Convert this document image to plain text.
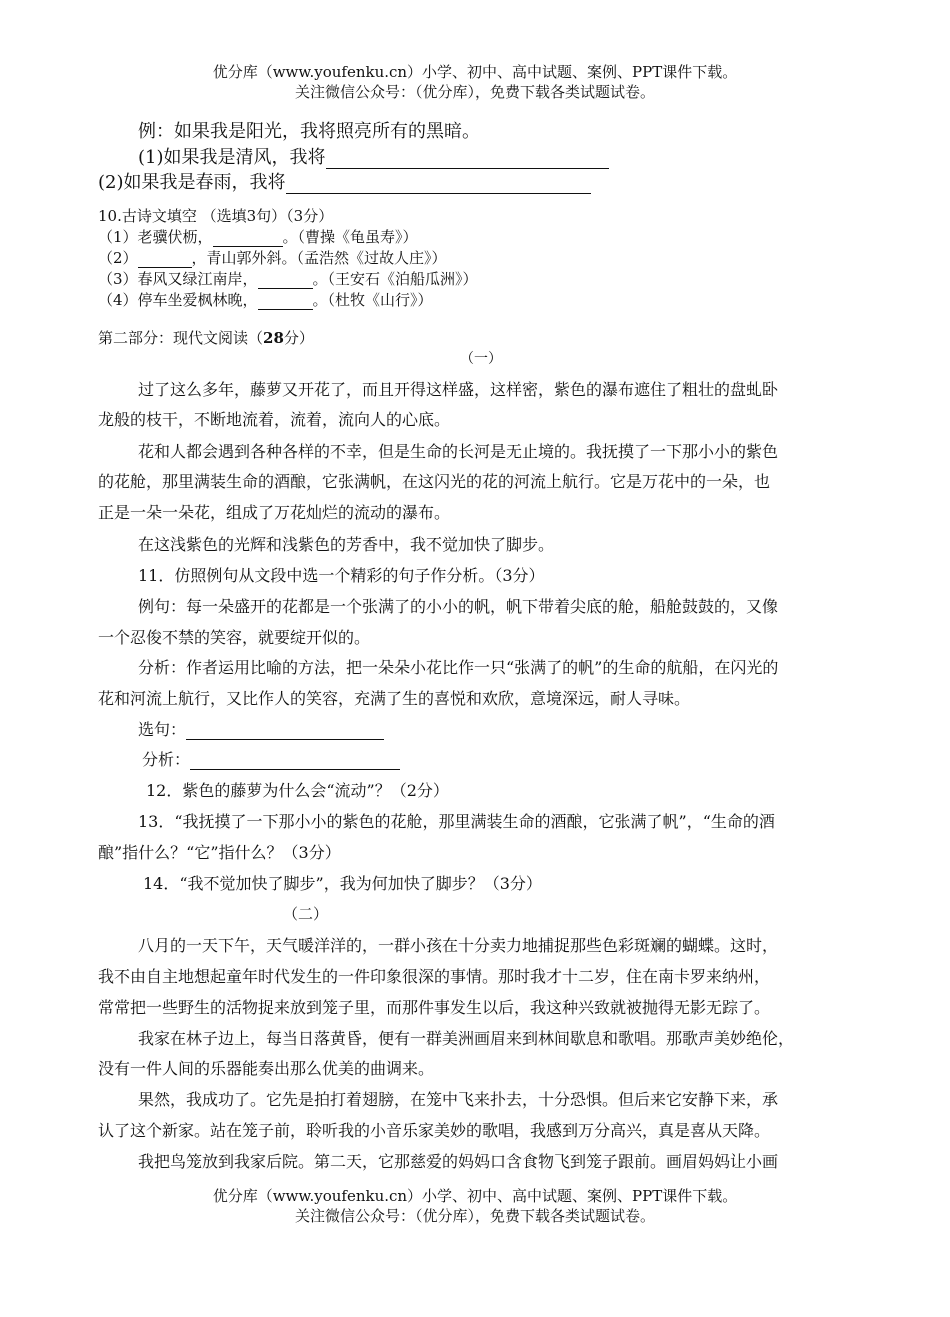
优分库（www.youfenku.cn）小学、初中、高中试题、案例、PPT课件下载。
关注微信公众号：（优分库），免费下载各类试题试卷。
例：如果我是阳光，我将照亮所有的黑暗。
(1)如果我是清风，我将
(2)如果我是春雨，我将
10.古诗文填空 （选填3句）（3分）
（1）老骥伏枥，	。（曹操《龟虽寿》）
（2）	，青山郭外斜。（孟浩然《过故人庄》）
（3）春风又绿江南岸，	。（王安石《泊船瓜洲》）
（4）停车坐爱枫林晚，	。（杜牧《山行》）
第二部分：现代文阅读（28分）
（一）
过了这么多年，藤萝又开花了，而且开得这样盛，这样密，紫色的瀑布遮住了粗壮的盘虬卧
龙般的枝干，不断地流着，流着，流向人的心底。
花和人都会遇到各种各样的不幸，但是生命的长河是无止境的。我抚摸了一下那小小的紫色
的花舱，那里满装生命的酒酿，它张满帆，在这闪光的花的河流上航行。它是万花中的一朵，也
正是一朵一朵花，组成了万花灿烂的流动的瀑布。
在这浅紫色的光辉和浅紫色的芳香中，我不觉加快了脚步。
11．仿照例句从文段中选一个精彩的句子作分析。（3分）
例句：每一朵盛开的花都是一个张满了的小小的帆，帆下带着尖底的舱，船舱鼓鼓的，又像
一个忍俊不禁的笑容，就要绽开似的。
分析：作者运用比喻的方法，把一朵朵小花比作一只“张满了的帆”的生命的航船，在闪光的
花和河流上航行，又比作人的笑容，充满了生的喜悦和欢欣，意境深远，耐人寻味。
选句：
分析：
12．紫色的藤萝为什么会“流动”？（2分）
13．“我抚摸了一下那小小的紫色的花舱，那里满装生命的酒酿，它张满了帆”，“生命的酒
酿”指什么？“它”指什么？（3分）
14．“我不觉加快了脚步”，我为何加快了脚步？（3分）
（二）
八月的一天下午，天气暖洋洋的，一群小孩在十分卖力地捕捉那些色彩斑斓的蝴蝶。这时，
我不由自主地想起童年时代发生的一件印象很深的事情。那时我才十二岁，住在南卡罗来纳州，
常常把一些野生的活物捉来放到笼子里，而那件事发生以后，我这种兴致就被抛得无影无踪了。
我家在林子边上，每当日落黄昏，便有一群美洲画眉来到林间歇息和歌唱。那歌声美妙绝伦，
没有一件人间的乐器能奏出那么优美的曲调来。
果然，我成功了。它先是拍打着翅膀，在笼中飞来扑去，十分恐惧。但后来它安静下来，承
认了这个新家。站在笼子前，聆听我的小音乐家美妙的歌唱，我感到万分高兴，真是喜从天降。
我把鸟笼放到我家后院。第二天，它那慈爱的妈妈口含食物飞到笼子跟前。画眉妈妈让小画
优分库（www.youfenku.cn）小学、初中、高中试题、案例、PPT课件下载。
关注微信公众号：（优分库），免费下载各类试题试卷。
